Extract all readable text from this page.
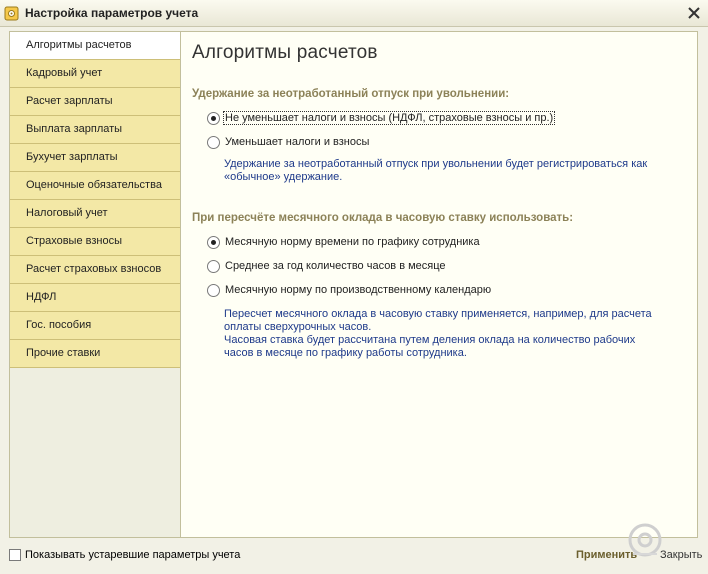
Настройка параметров учета
Алгоритмы расчетов
Кадровый учет
Расчет зарплаты
Выплата зарплаты
Бухучет зарплаты
Оценочные обязательства
Налоговый учет
Страховые взносы
Расчет страховых взносов
НДФЛ
Гос. пособия
Прочие ставки
Алгоритмы расчетов
Удержание за неотработанный отпуск при увольнении:
Не уменьшает налоги и взносы (НДФЛ, страховые взносы и пр.)
Уменьшает налоги и взносы
Удержание за неотработанный отпуск при увольнении будет регистрироваться как
«обычное» удержание.
При пересчёте месячного оклада в часовую ставку использовать:
Месячную норму времени по графику сотрудника
Среднее за год количество часов в месяце
Месячную норму по производственному календарю
Пересчет месячного оклада в часовую ставку применяется, например, для расчета
оплаты сверхурочных часов.
Часовая ставка будет рассчитана путем деления оклада на количество рабочих
часов в месяце по графику работы сотрудника.
Показывать устаревшие параметры учета	Применить Закрыть
